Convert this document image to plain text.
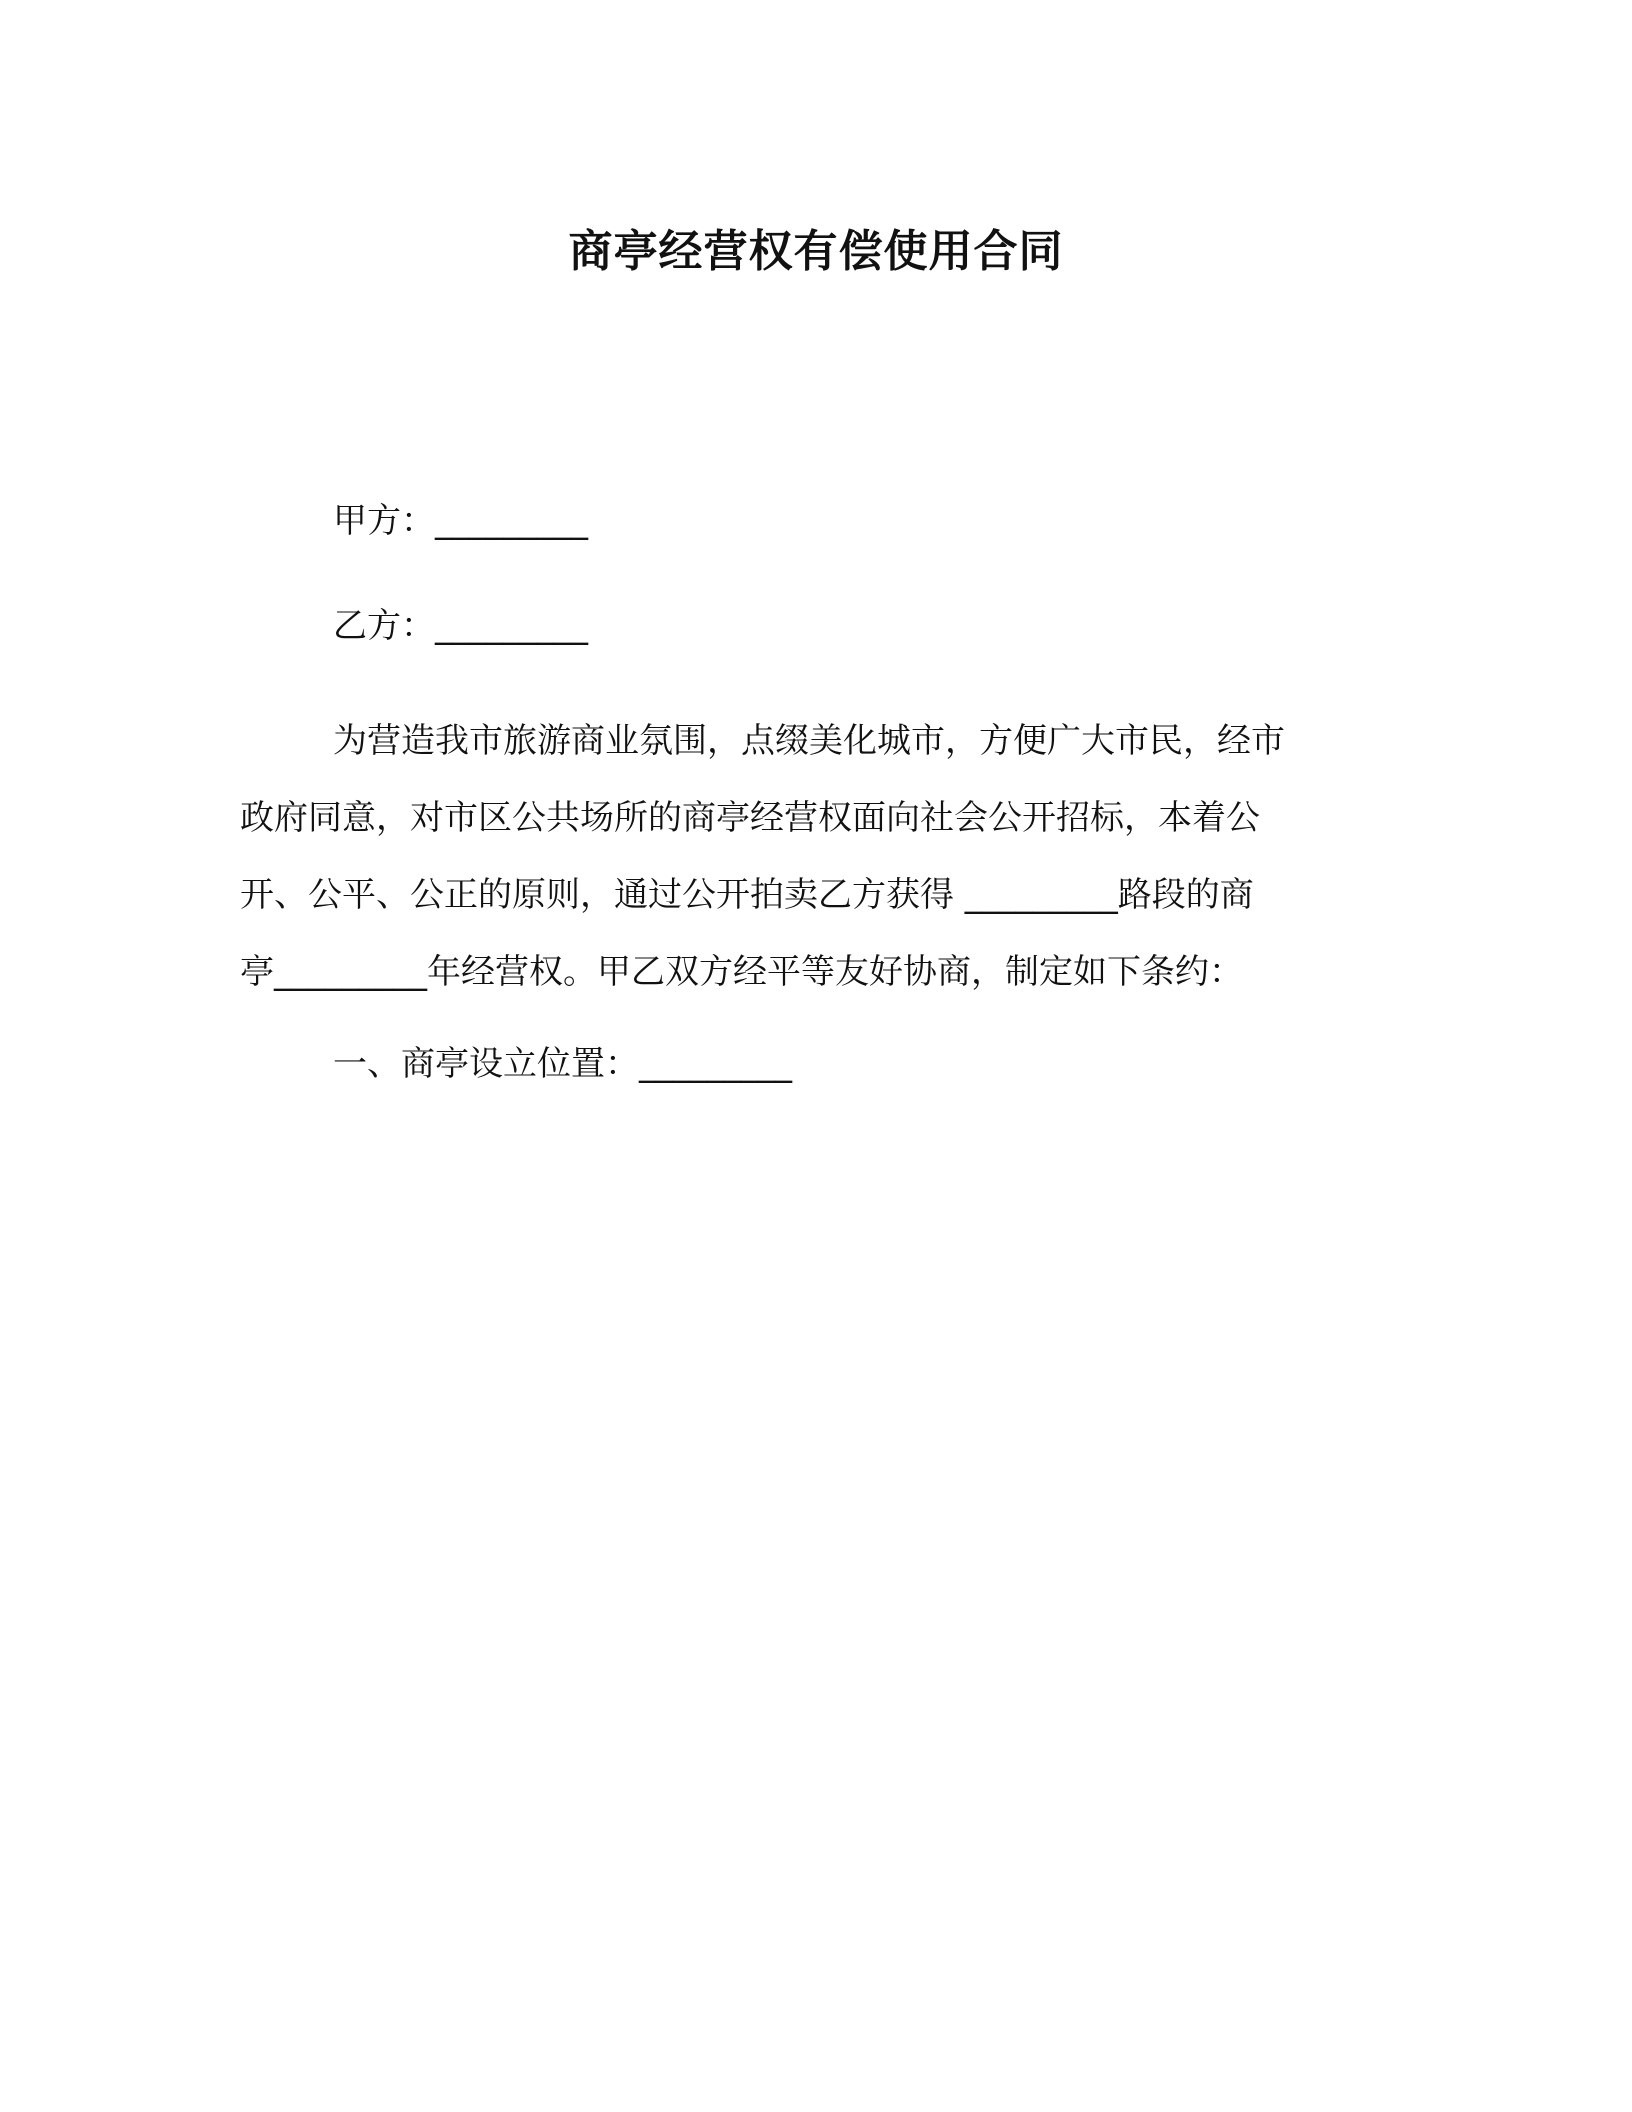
商亭经营权有偿使用合同
甲方：_________
乙方：_________
为营造我市旅游商业氛围，点缀美化城市，方便广大市民，经市
政府同意，对市区公共场所的商亭经营权面向社会公开招标，本着公
开、公平、公正的原则，通过公开拍卖乙方获得 _________路段的商
亭_________年经营权。甲乙双方经平等友好协商，制定如下条约：
一、商亭设立位置：_________
